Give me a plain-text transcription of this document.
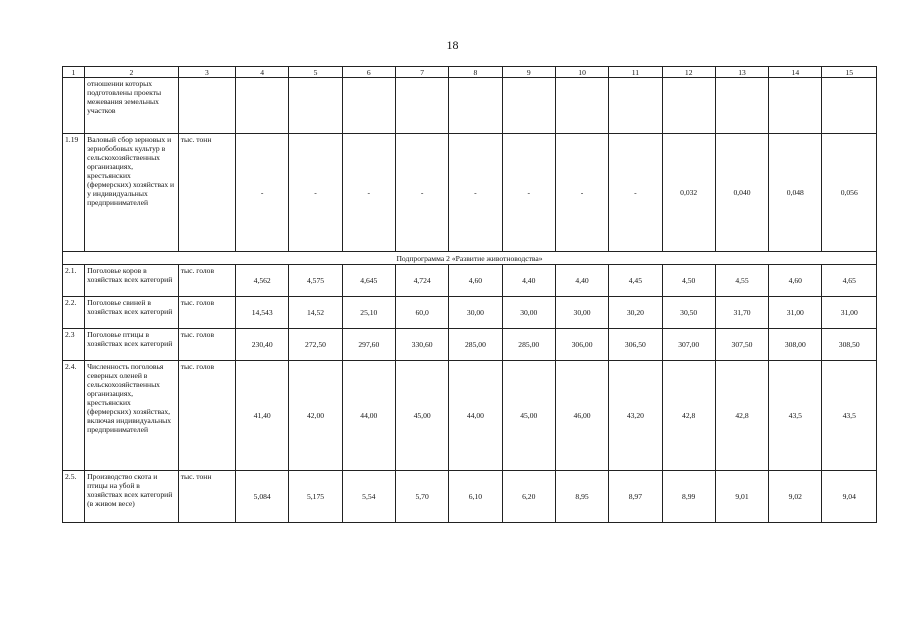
18
1	2	3	4	5	6	7	8	9	10	11	12	13	14	15
	отношении которых подготовлены проекты межевания земельных участков													
1.19	Валовый сбор зерновых и зернобобовых культур в сельскохозяйственных организациях, крестьянских (фермерских) хозяйствах и у индивидуальных предпринимателей	тыс. тонн	-	-	-	-	-	-	-	-	0,032	0,040	0,048	0,056
Подпрограмма 2 «Развитие животноводства»														
2.1.	Поголовье коров в хозяйствах всех категорий	тыс. голов	4,562	4,575	4,645	4,724	4,60	4,40	4,40	4,45	4,50	4,55	4,60	4,65
2.2.	Поголовье свиней в хозяйствах всех категорий	тыс. голов	14,543	14,52	25,10	60,0	30,00	30,00	30,00	30,20	30,50	31,70	31,00	31,00
2.3	Поголовье птицы в хозяйствах всех категорий	тыс. голов	230,40	272,50	297,60	330,60	285,00	285,00	306,00	306,50	307,00	307,50	308,00	308,50
2.4.	Численность поголовья северных оленей в сельскохозяйственных организациях, крестьянских (фермерских) хозяйствах, включая индивидуальных предпринимателей	тыс. голов	41,40	42,00	44,00	45,00	44,00	45,00	46,00	43,20	42,8	42,8	43,5	43,5
2.5.	Производство скота и птицы на убой в хозяйствах всех категорий (в живом весе)	тыс. тонн	5,084	5,175	5,54	5,70	6,10	6,20	8,95	8,97	8,99	9,01	9,02	9,04
